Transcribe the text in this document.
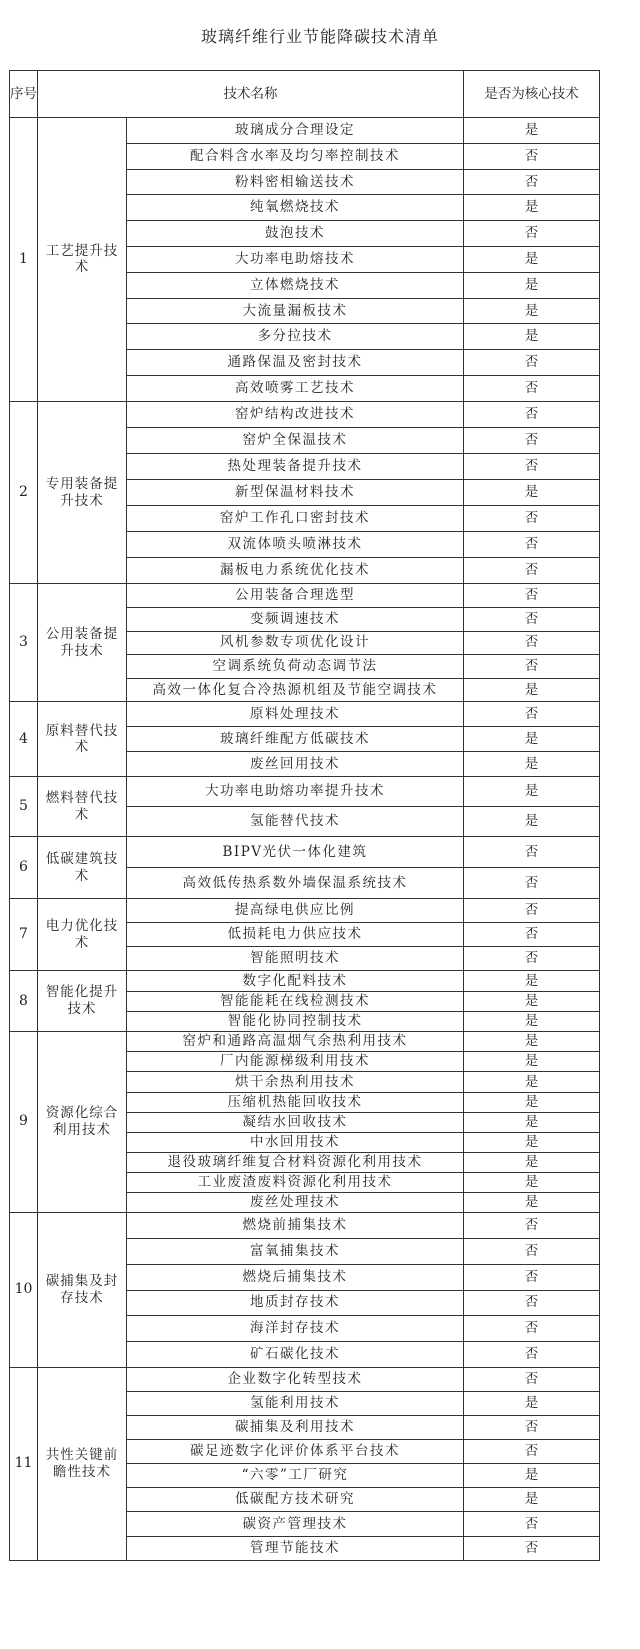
玻璃纤维行业节能降碳技术清单
序号	技术名称		是否为核心技术
1	工艺提升技术	玻璃成分合理设定	是
		配合料含水率及均匀率控制技术	否
		粉料密相输送技术	否
		纯氧燃烧技术	是
		鼓泡技术	否
		大功率电助熔技术	是
		立体燃烧技术	是
		大流量漏板技术	是
		多分拉技术	是
		通路保温及密封技术	否
		高效喷雾工艺技术	否
2	专用装备提升技术	窑炉结构改进技术	否
		窑炉全保温技术	否
		热处理装备提升技术	否
		新型保温材料技术	是
		窑炉工作孔口密封技术	否
		双流体喷头喷淋技术	否
		漏板电力系统优化技术	否
3	公用装备提升技术	公用装备合理选型	否
		变频调速技术	否
		风机参数专项优化设计	否
		空调系统负荷动态调节法	否
		高效一体化复合冷热源机组及节能空调技术	是
4	原料替代技术	原料处理技术	否
		玻璃纤维配方低碳技术	是
		废丝回用技术	是
5	燃料替代技术	大功率电助熔功率提升技术	是
		氢能替代技术	是
6	低碳建筑技术	BIPV光伏一体化建筑	否
		高效低传热系数外墙保温系统技术	否
7	电力优化技术	提高绿电供应比例	否
		低损耗电力供应技术	否
		智能照明技术	否
8	智能化提升技术	数字化配料技术	是
		智能能耗在线检测技术	是
		智能化协同控制技术	是
9	资源化综合利用技术	窑炉和通路高温烟气余热利用技术	是
		厂内能源梯级利用技术	是
		烘干余热利用技术	是
		压缩机热能回收技术	是
		凝结水回收技术	是
		中水回用技术	是
		退役玻璃纤维复合材料资源化利用技术	是
		工业废渣废料资源化利用技术	是
		废丝处理技术	是
10	碳捕集及封存技术	燃烧前捕集技术	否
		富氧捕集技术	否
		燃烧后捕集技术	否
		地质封存技术	否
		海洋封存技术	否
		矿石碳化技术	否
11	共性关键前瞻性技术	企业数字化转型技术	否
		氢能利用技术	是
		碳捕集及利用技术	否
		碳足迹数字化评价体系平台技术	否
		“六零”工厂研究	是
		低碳配方技术研究	是
		碳资产管理技术	否
		管理节能技术	否
